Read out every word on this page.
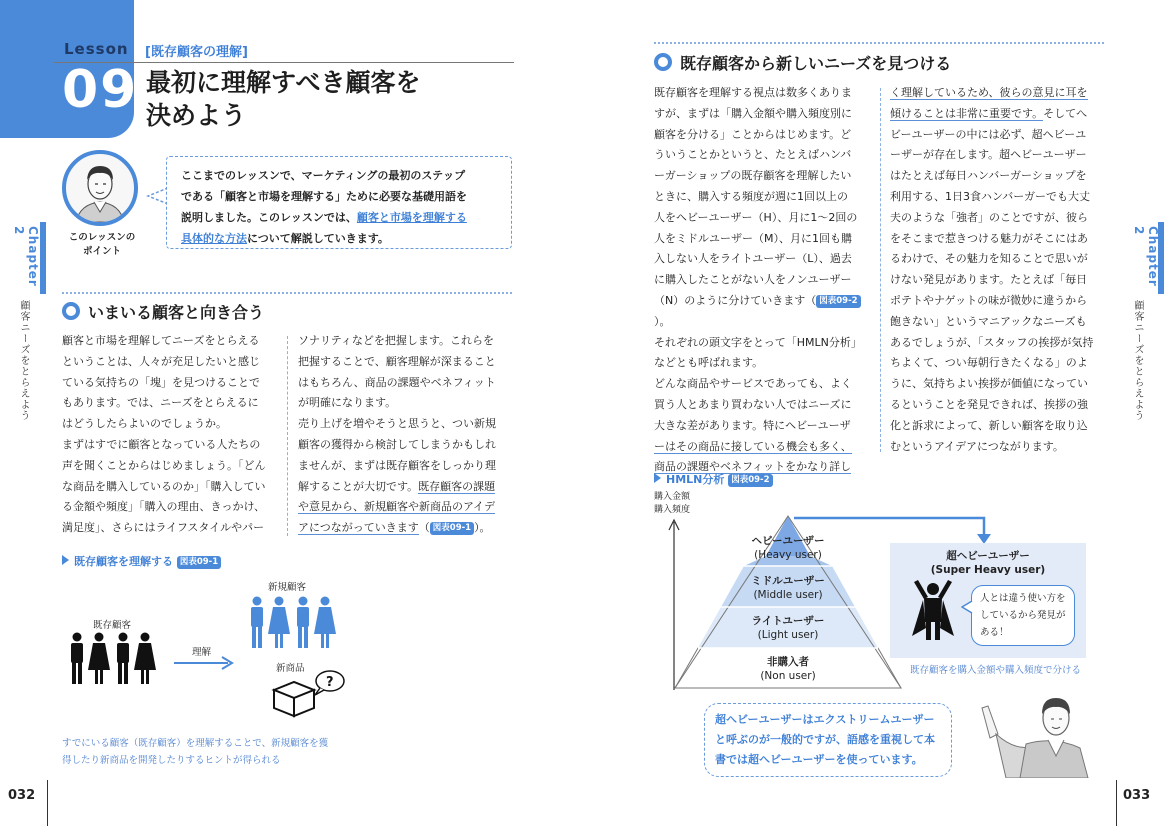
Lesson
09
[既存顧客の理解]
最初に理解すべき顧客を
決めよう
このレッスンの
ポイント
ここまでのレッスンで、マーケティングの最初のステップ
である「顧客と市場を理解する」ために必要な基礎用語を
説明しました。このレッスンでは、顧客と市場を理解する
具体的な方法について解説していきます。
いまいる顧客と向き合う
顧客と市場を理解してニーズをとらえる
ということは、人々が充足したいと感じ
ている気持ちの「塊」を見つけることで
もあります。では、ニーズをとらえるに
はどうしたらよいのでしょうか。
まずはすでに顧客となっている人たちの
声を聞くことからはじめましょう。「どん
な商品を購入しているのか」「購入してい
る金額や頻度」「購入の理由、きっかけ、
満足度」、さらにはライフスタイルやパー
ソナリティなどを把握します。これらを
把握することで、顧客理解が深まること
はもちろん、商品の課題やベネフィット
が明確になります。
売り上げを増やそうと思うと、つい新規
顧客の獲得から検討してしまうかもしれ
ませんが、まずは既存顧客をしっかり理
解することが大切です。既存顧客の課題
や意見から、新規顧客や新商品のアイデ
アにつながっていきます（ 図表09-1 ）。
既存顧客を理解する 図表09-1
既存顧客
理解
新規顧客
新商品
?
すでにいる顧客（既存顧客）を理解することで、新規顧客を獲
得したり新商品を開発したりするヒントが得られる
032
Chapter 2
顧客ニーズをとらえよう
既存顧客から新しいニーズを見つける
既存顧客を理解する視点は数多くありま
すが、まずは「購入金額や購入頻度別に
顧客を分ける」ことからはじめます。ど
ういうことかというと、たとえばハンバ
ーガーショップの既存顧客を理解したい
ときに、購入する頻度が週に1回以上の
人をヘビーユーザー（H）、月に1〜2回の
人をミドルユーザー（M）、月に1回も購
入しない人をライトユーザー（L）、過去
に購入したことがない人をノンユーザー
（N）のように分けていきます（ 図表09-2）。
それぞれの頭文字をとって「HMLN分析」
などとも呼ばれます。
どんな商品やサービスであっても、よく
買う人とあまり買わない人ではニーズに
大きな差があります。特にヘビーユーザ
ーはその商品に接している機会も多く、
商品の課題やベネフィットをかなり詳し
く理解しているため、彼らの意見に耳を
傾けることは非常に重要です。そしてへ
ビーユーザーの中には必ず、超ヘビーユ
ーザーが存在します。超ヘビーユーザー
はたとえば毎日ハンバーガーショップを
利用する、1日3食ハンバーガーでも大丈
夫のような「強者」のことですが、彼ら
をそこまで惹きつける魅力がそこにはあ
るわけで、その魅力を知ることで思いが
けない発見があります。たとえば「毎日
ポテトやナゲットの味が微妙に違うから
飽きない」というマニアックなニーズも
あるでしょうが、「スタッフの挨拶が気持
ちよくて、つい毎朝行きたくなる」のよ
うに、気持ちよい挨拶が価値になってい
るということを発見できれば、挨拶の強
化と訴求によって、新しい顧客を取り込
むというアイデアにつながります。
HMLN分析 図表09-2
購入金額
購入頻度
ヘビーユーザー
(Heavy user)
ミドルユーザー
(Middle user)
ライトユーザー
(Light user)
非購入者
(Non user)
超ヘビーユーザー
(Super Heavy user)
人とは違う使い方を
しているから発見が
ある！
既存顧客を購入金額や購入頻度で分ける
超ヘビーユーザーはエクストリームユーザー
と呼ぶのが一般的ですが、語感を重視して本
書では超ヘビーユーザーを使っています。
033
Chapter 2
顧客ニーズをとらえよう
